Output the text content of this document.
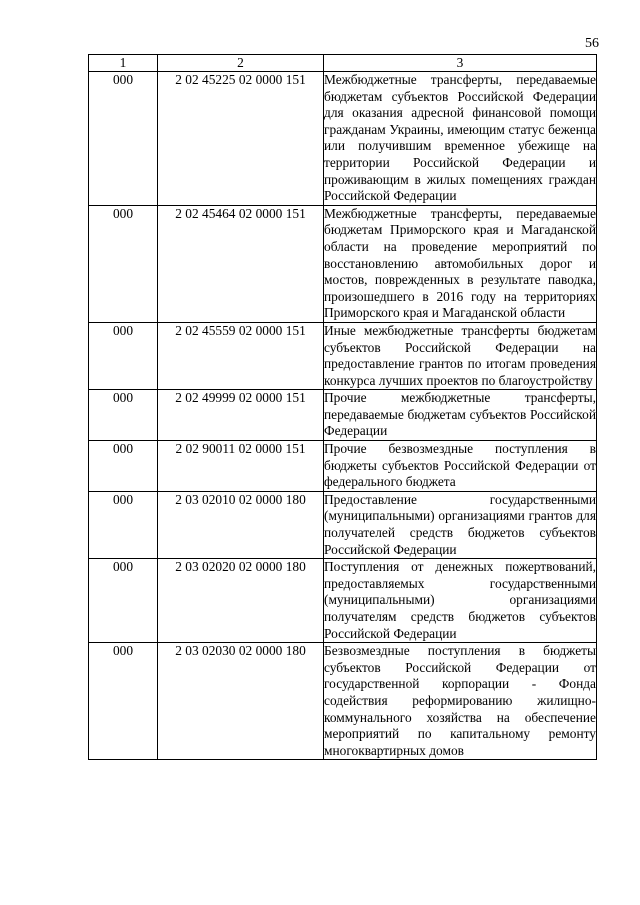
56
1	2	3
000	2 02 45225 02 0000 151	Межбюджетные трансферты, передаваемые бюджетам субъектов Российской Федерации для оказания адресной финансовой помощи гражданам Украины, имеющим статус беженца или получившим временное убежище на территории Российской Федерации и проживающим в жилых помещениях граждан Российской Федерации
000	2 02 45464 02 0000 151	Межбюджетные трансферты, передаваемые бюджетам Приморского края и Магаданской области на проведение мероприятий по восстановлению автомобильных дорог и мостов, поврежденных в результате паводка, произошедшего в 2016 году на территориях Приморского края и Магаданской области
000	2 02 45559 02 0000 151	Иные межбюджетные трансферты бюджетам субъектов Российской Федерации на предоставление грантов по итогам проведения конкурса лучших проектов по благоустройству
000	2 02 49999 02 0000 151	Прочие межбюджетные трансферты, передаваемые бюджетам субъектов Российской Федерации
000	2 02 90011 02 0000 151	Прочие безвозмездные поступления в бюджеты субъектов Российской Федерации от федерального бюджета
000	2 03 02010 02 0000 180	Предоставление государственными (муниципальными) организациями грантов для получателей средств бюджетов субъектов Российской Федерации
000	2 03 02020 02 0000 180	Поступления от денежных пожертвований, предоставляемых государственными (муниципальными) организациями получателям средств бюджетов субъектов Российской Федерации
000	2 03 02030 02 0000 180	Безвозмездные поступления в бюджеты субъектов Российской Федерации от государственной корпорации - Фонда содействия реформированию жилищно-коммунального хозяйства на обеспечение мероприятий по капитальному ремонту многоквартирных домов
